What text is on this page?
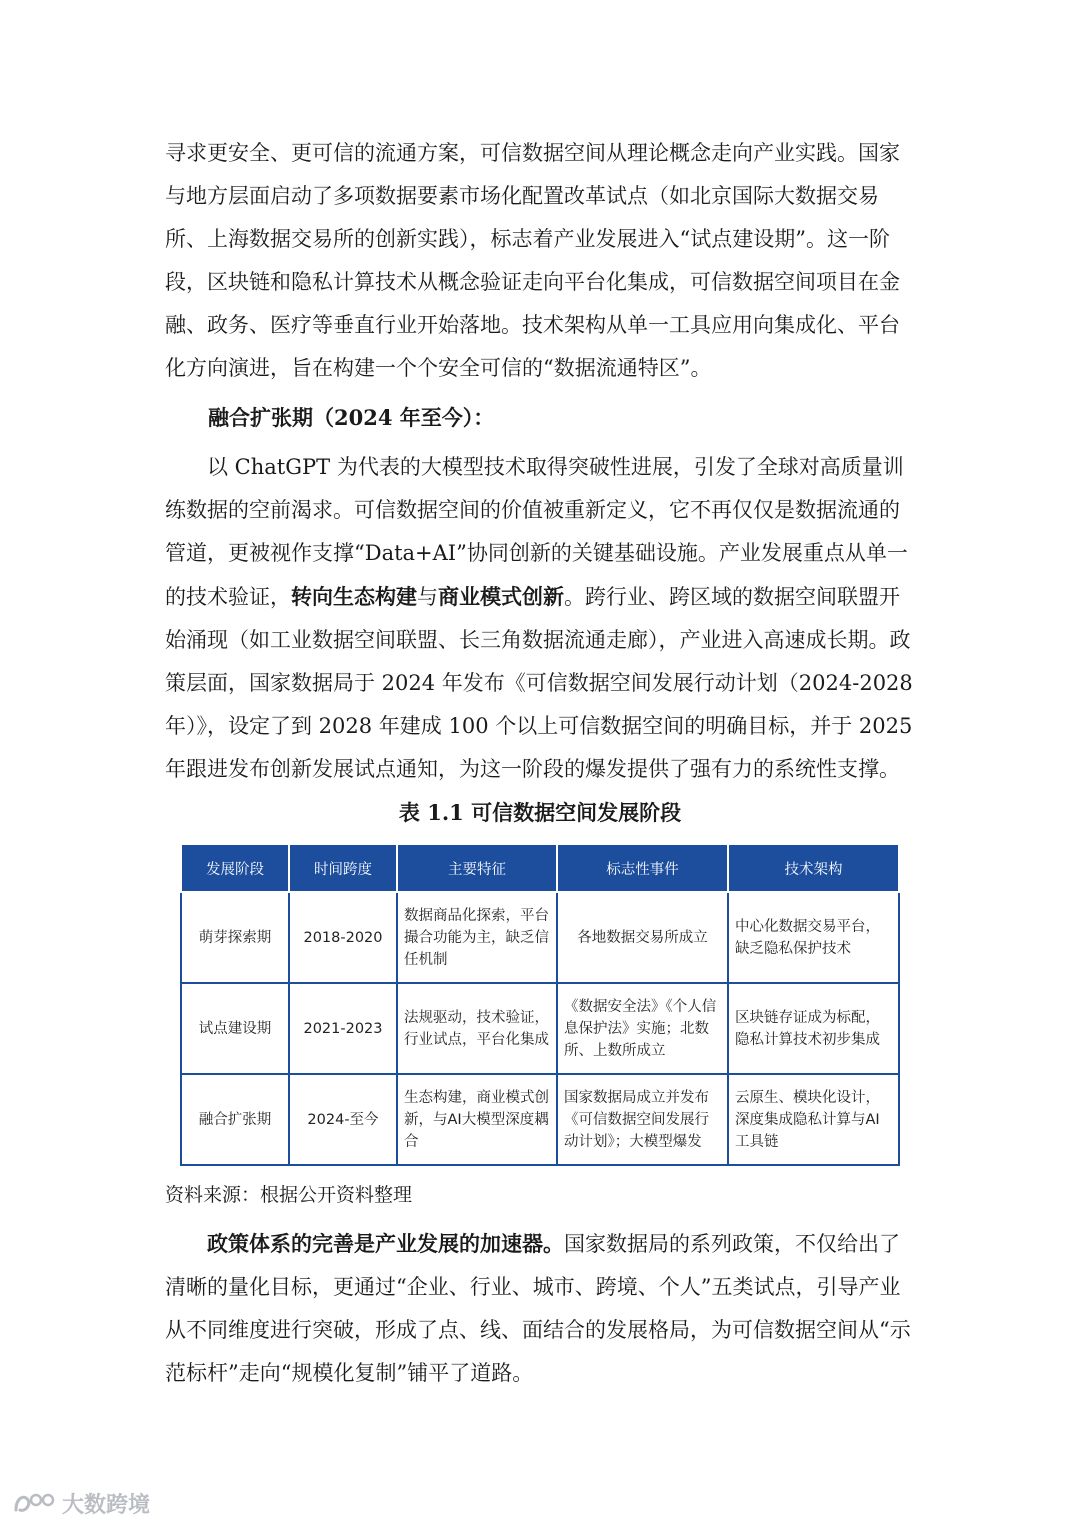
寻求更安全、更可信的流通方案，可信数据空间从理论概念走向产业实践。国家与地方层面启动了多项数据要素市场化配置改革试点（如北京国际大数据交易所、上海数据交易所的创新实践），标志着产业发展进入“试点建设期”。这一阶段，区块链和隐私计算技术从概念验证走向平台化集成，可信数据空间项目在金融、政务、医疗等垂直行业开始落地。技术架构从单一工具应用向集成化、平台化方向演进，旨在构建一个个安全可信的“数据流通特区”。

融合扩张期（2024 年至今）：

以 ChatGPT 为代表的大模型技术取得突破性进展，引发了全球对高质量训练数据的空前渴求。可信数据空间的价值被重新定义，它不再仅仅是数据流通的管道，更被视作支撑“Data+AI”协同创新的关键基础设施。产业发展重点从单一的技术验证，转向生态构建与商业模式创新。跨行业、跨区域的数据空间联盟开始涌现（如工业数据空间联盟、长三角数据流通走廊），产业进入高速成长期。政策层面，国家数据局于 2024 年发布《可信数据空间发展行动计划（2024-2028 年）》，设定了到 2028 年建成 100 个以上可信数据空间的明确目标，并于 2025 年跟进发布创新发展试点通知，为这一阶段的爆发提供了强有力的系统性支撑。

表 1.1 可信数据空间发展阶段
发展阶段	时间跨度	主要特征	标志性事件	技术架构
萌芽探索期	2018-2020	数据商品化探索，平台撮合功能为主，缺乏信任机制	各地数据交易所成立	中心化数据交易平台，缺乏隐私保护技术
试点建设期	2021-2023	法规驱动，技术验证，行业试点，平台化集成	《数据安全法》《个人信息保护法》实施；北数所、上数所成立	区块链存证成为标配，隐私计算技术初步集成
融合扩张期	2024-至今	生态构建，商业模式创新，与AI大模型深度耦合	国家数据局成立并发布《可信数据空间发展行动计划》；大模型爆发	云原生、模块化设计，深度集成隐私计算与AI工具链
资料来源：根据公开资料整理

政策体系的完善是产业发展的加速器。国家数据局的系列政策，不仅给出了清晰的量化目标，更通过“企业、行业、城市、跨境、个人”五类试点，引导产业从不同维度进行突破，形成了点、线、面结合的发展格局，为可信数据空间从“示范标杆”走向“规模化复制”铺平了道路。

大数跨境
